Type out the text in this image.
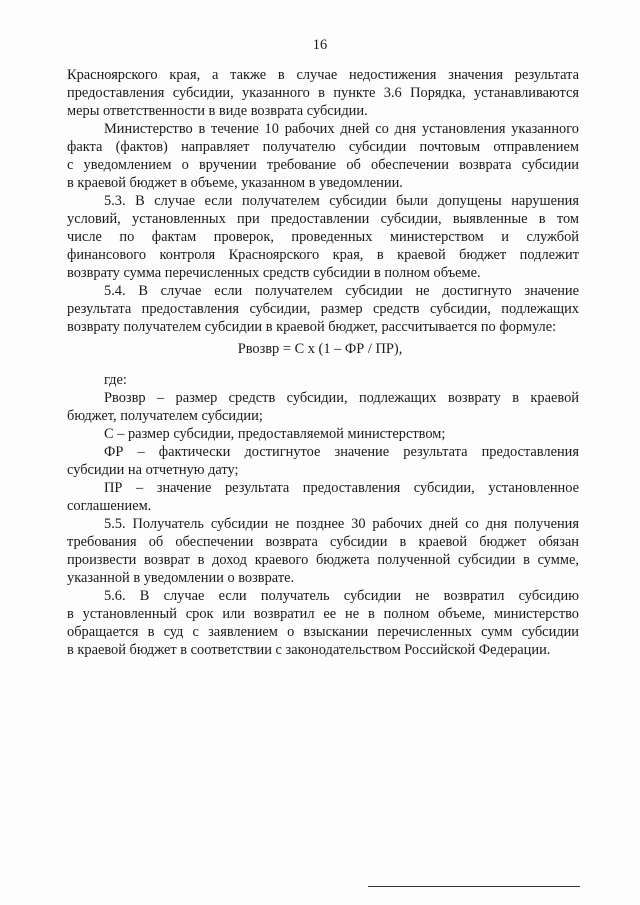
16
Красноярского края, а также в случае недостижения значения результата
предоставления субсидии, указанного в пункте 3.6 Порядка, устанавливаются
меры ответственности в виде возврата субсидии.
Министерство в течение 10 рабочих дней со дня установления указанного
факта (фактов) направляет получателю субсидии почтовым отправлением
с уведомлением о вручении требование об обеспечении возврата субсидии
в краевой бюджет в объеме, указанном в уведомлении.
5.3. В случае если получателем субсидии были допущены нарушения
условий, установленных при предоставлении субсидии, выявленные в том
числе по фактам проверок, проведенных министерством и службой
финансового контроля Красноярского края, в краевой бюджет подлежит
возврату сумма перечисленных средств субсидии в полном объеме.
5.4. В случае если получателем субсидии не достигнуто значение
результата предоставления субсидии, размер средств субсидии, подлежащих
возврату получателем субсидии в краевой бюджет, рассчитывается по формуле:
Рвозвр = С x (1 – ФР / ПР),
где:
Рвозвр – размер средств субсидии, подлежащих возврату в краевой
бюджет, получателем субсидии;
С – размер субсидии, предоставляемой министерством;
ФР – фактически достигнутое значение результата предоставления
субсидии на отчетную дату;
ПР – значение результата предоставления субсидии, установленное
соглашением.
5.5. Получатель субсидии не позднее 30 рабочих дней со дня получения
требования об обеспечении возврата субсидии в краевой бюджет обязан
произвести возврат в доход краевого бюджета полученной субсидии в сумме,
указанной в уведомлении о возврате.
5.6. В случае если получатель субсидии не возвратил субсидию
в установленный срок или возвратил ее не в полном объеме, министерство
обращается в суд с заявлением о взыскании перечисленных сумм субсидии
в краевой бюджет в соответствии с законодательством Российской Федерации.
